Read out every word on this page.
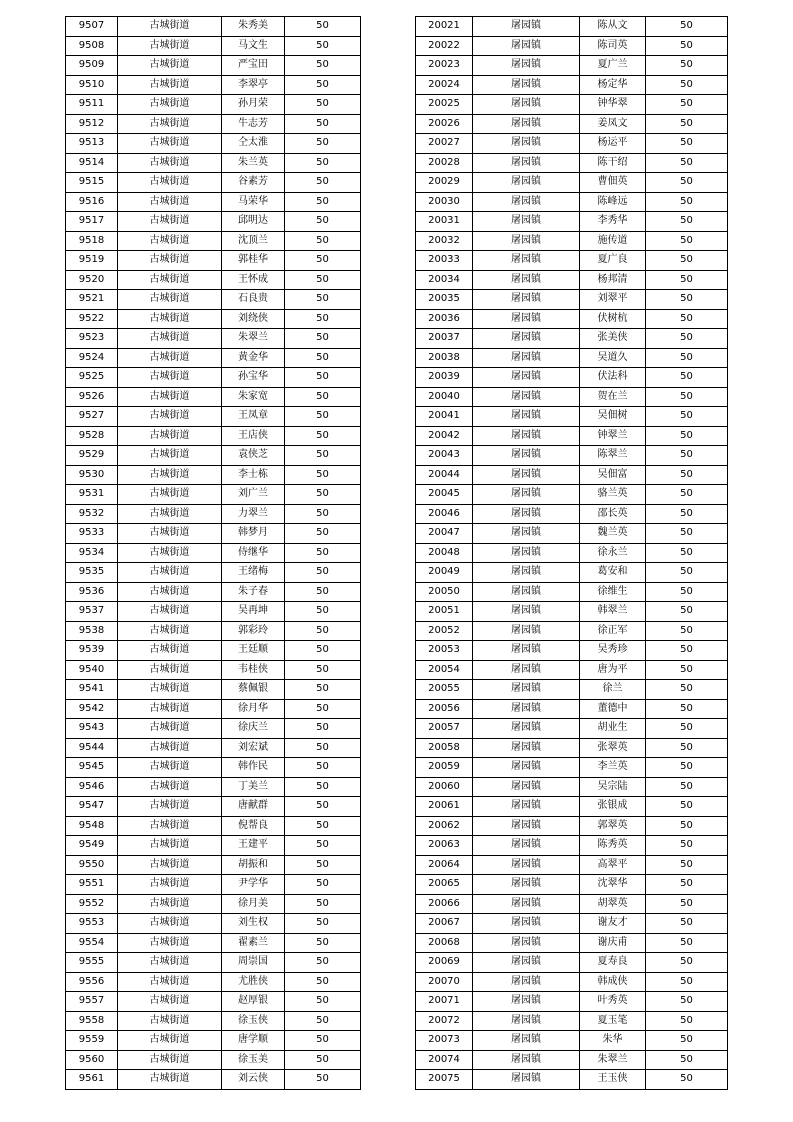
9507	古城街道	朱秀美	50
9508	古城街道	马文生	50
9509	古城街道	严宝田	50
9510	古城街道	李翠亭	50
9511	古城街道	孙月荣	50
9512	古城街道	牛志芳	50
9513	古城街道	仝太淮	50
9514	古城街道	朱兰英	50
9515	古城街道	谷素芳	50
9516	古城街道	马荣华	50
9517	古城街道	邱明达	50
9518	古城街道	沈顶兰	50
9519	古城街道	郭桂华	50
9520	古城街道	王怀成	50
9521	古城街道	石良贵	50
9522	古城街道	刘绕侠	50
9523	古城街道	朱翠兰	50
9524	古城街道	黄金华	50
9525	古城街道	孙宝华	50
9526	古城街道	朱家宽	50
9527	古城街道	王凤章	50
9528	古城街道	王店侠	50
9529	古城街道	袁侠芝	50
9530	古城街道	李士栋	50
9531	古城街道	刘广兰	50
9532	古城街道	力翠兰	50
9533	古城街道	韩梦月	50
9534	古城街道	侍继华	50
9535	古城街道	王绪梅	50
9536	古城街道	朱子春	50
9537	古城街道	吴再坤	50
9538	古城街道	郭彩玲	50
9539	古城街道	王廷顺	50
9540	古城街道	韦桂侠	50
9541	古城街道	蔡佩银	50
9542	古城街道	徐月华	50
9543	古城街道	徐庆兰	50
9544	古城街道	刘宏斌	50
9545	古城街道	韩作民	50
9546	古城街道	丁美兰	50
9547	古城街道	唐献群	50
9548	古城街道	倪帮良	50
9549	古城街道	王建平	50
9550	古城街道	胡振和	50
9551	古城街道	尹学华	50
9552	古城街道	徐月美	50
9553	古城街道	刘生权	50
9554	古城街道	翟素兰	50
9555	古城街道	周崇国	50
9556	古城街道	尤胜侠	50
9557	古城街道	赵厚银	50
9558	古城街道	徐玉侠	50
9559	古城街道	唐学顺	50
9560	古城街道	徐玉美	50
9561	古城街道	刘云侠	50
20021	屠园镇	陈从文	50
20022	屠园镇	陈司英	50
20023	屠园镇	夏广兰	50
20024	屠园镇	杨定华	50
20025	屠园镇	钟华翠	50
20026	屠园镇	姜凤文	50
20027	屠园镇	杨运平	50
20028	屠园镇	陈干绍	50
20029	屠园镇	曹佃英	50
20030	屠园镇	陈峰远	50
20031	屠园镇	李秀华	50
20032	屠园镇	施传道	50
20033	屠园镇	夏广良	50
20034	屠园镇	杨邦清	50
20035	屠园镇	刘翠平	50
20036	屠园镇	伏树杭	50
20037	屠园镇	张美侠	50
20038	屠园镇	吴道久	50
20039	屠园镇	伏法科	50
20040	屠园镇	贺在兰	50
20041	屠园镇	吴佃树	50
20042	屠园镇	钟翠兰	50
20043	屠园镇	陈翠兰	50
20044	屠园镇	吴佃富	50
20045	屠园镇	骆兰英	50
20046	屠园镇	邵长英	50
20047	屠园镇	魏兰英	50
20048	屠园镇	徐永兰	50
20049	屠园镇	葛安和	50
20050	屠园镇	徐维生	50
20051	屠园镇	韩翠兰	50
20052	屠园镇	徐正军	50
20053	屠园镇	吴秀珍	50
20054	屠园镇	唐为平	50
20055	屠园镇	徐兰	50
20056	屠园镇	董德中	50
20057	屠园镇	胡业生	50
20058	屠园镇	张翠英	50
20059	屠园镇	李兰英	50
20060	屠园镇	吴宗陆	50
20061	屠园镇	张银成	50
20062	屠园镇	郭翠英	50
20063	屠园镇	陈秀英	50
20064	屠园镇	高翠平	50
20065	屠园镇	沈翠华	50
20066	屠园镇	胡翠英	50
20067	屠园镇	谢友才	50
20068	屠园镇	谢庆甫	50
20069	屠园镇	夏寿良	50
20070	屠园镇	韩成侠	50
20071	屠园镇	叶秀英	50
20072	屠园镇	夏玉笔	50
20073	屠园镇	朱华	50
20074	屠园镇	朱翠兰	50
20075	屠园镇	王玉侠	50
